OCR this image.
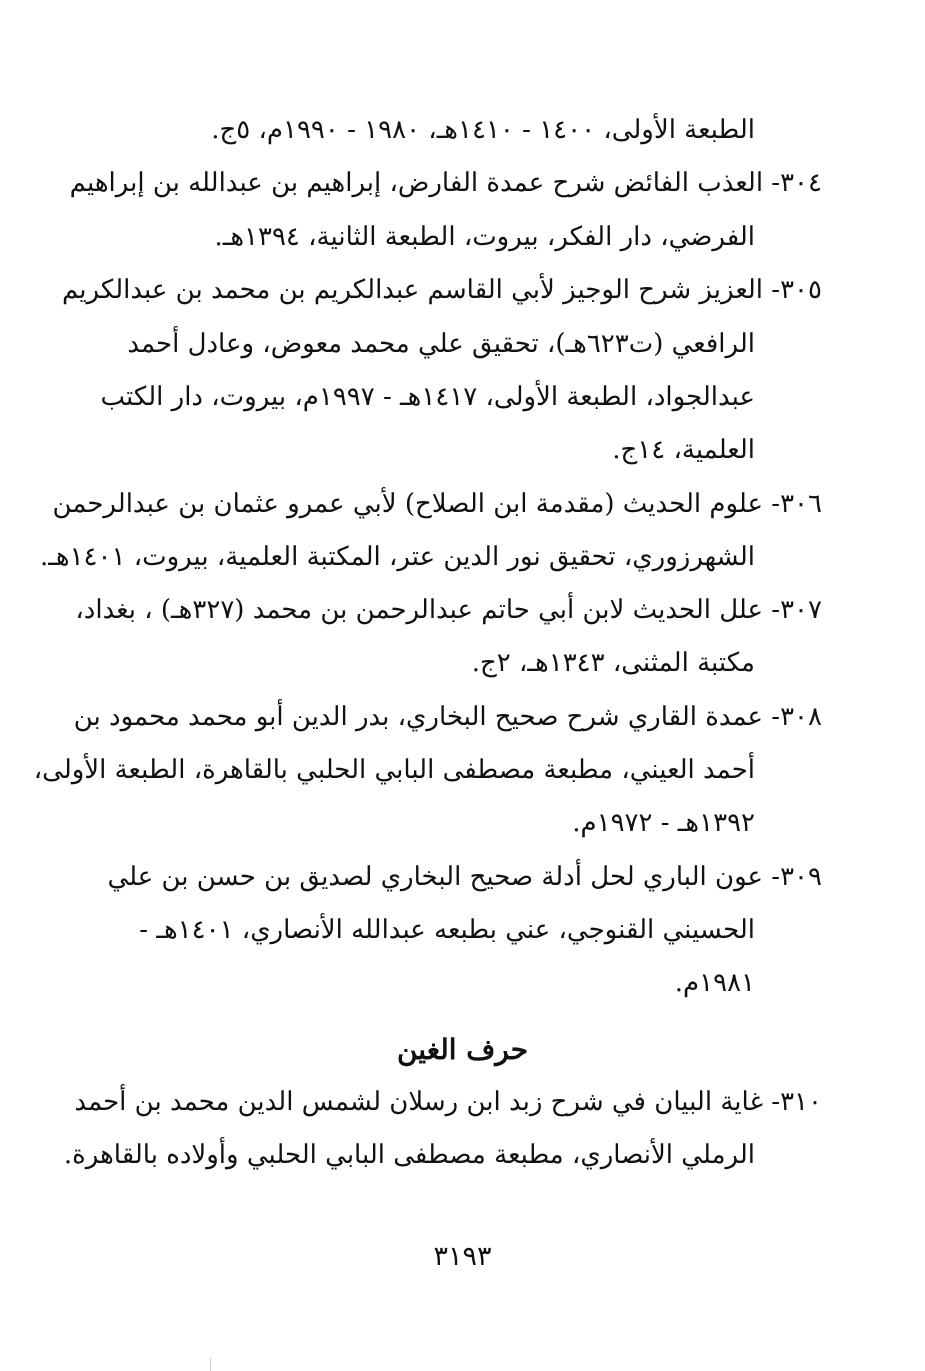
الطبعة الأولى، ١٤٠٠ - ١٤١٠هـ، ١٩٨٠ - ١٩٩٠م، ٥ج.
٣٠٤- العذب الفائض شرح عمدة الفارض، إبراهيم بن عبدالله بن إبراهيم
الفرضي، دار الفكر، بيروت، الطبعة الثانية، ١٣٩٤هـ.
٣٠٥- العزيز شرح الوجيز لأبي القاسم عبدالكريم بن محمد بن عبدالكريم
الرافعي (ت٦٢٣هـ)، تحقيق علي محمد معوض، وعادل أحمد
عبدالجواد، الطبعة الأولى، ١٤١٧هـ - ١٩٩٧م، بيروت، دار الكتب
العلمية، ١٤ج.
٣٠٦- علوم الحديث (مقدمة ابن الصلاح) لأبي عمرو عثمان بن عبدالرحمن
الشهرزوري، تحقيق نور الدين عتر، المكتبة العلمية، بيروت، ١٤٠١هـ.
٣٠٧- علل الحديث لابن أبي حاتم عبدالرحمن بن محمد (٣٢٧هـ) ، بغداد،
مكتبة المثنى، ١٣٤٣هـ، ٢ج.
٣٠٨- عمدة القاري شرح صحيح البخاري، بدر الدين أبو محمد محمود بن
أحمد العيني، مطبعة مصطفى البابي الحلبي بالقاهرة، الطبعة الأولى،
١٣٩٢هـ - ١٩٧٢م.
٣٠٩- عون الباري لحل أدلة صحيح البخاري لصديق بن حسن بن علي
الحسيني القنوجي، عني بطبعه عبدالله الأنصاري، ١٤٠١هـ -
١٩٨١م.
حرف الغين
٣١٠- غاية البيان في شرح زبد ابن رسلان لشمس الدين محمد بن أحمد
الرملي الأنصاري، مطبعة مصطفى البابي الحلبي وأولاده بالقاهرة.
٣١٩٣
